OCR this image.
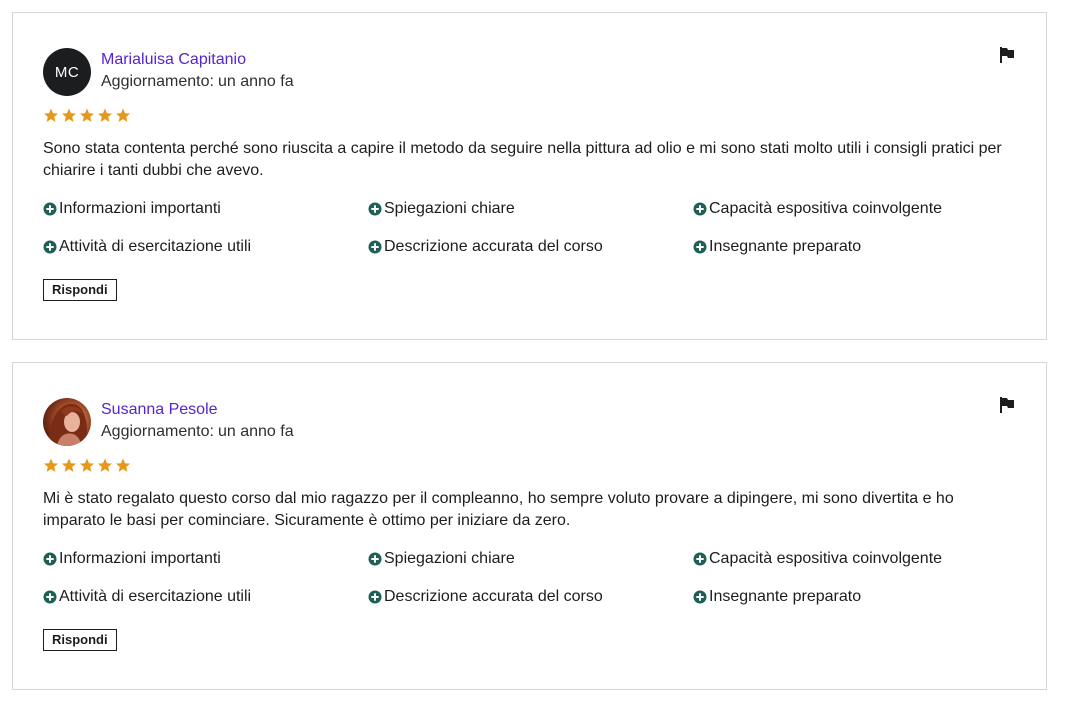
MC
Marialuisa Capitanio
Aggiornamento: un anno fa
Sono stata contenta perché sono riuscita a capire il metodo da seguire nella pittura ad olio e mi sono stati molto utili i consigli pratici per chiarire i tanti dubbi che avevo.
Informazioni importanti	Spiegazioni chiare	Capacità espositiva coinvolgente
Attività di esercitazione utili	Descrizione accurata del corso	Insegnante preparato
Rispondi
Susanna Pesole
Aggiornamento: un anno fa
Mi è stato regalato questo corso dal mio ragazzo per il compleanno, ho sempre voluto provare a dipingere, mi sono divertita e ho imparato le basi per cominciare. Sicuramente è ottimo per iniziare da zero.
Informazioni importanti	Spiegazioni chiare	Capacità espositiva coinvolgente
Attività di esercitazione utili	Descrizione accurata del corso	Insegnante preparato
Rispondi
